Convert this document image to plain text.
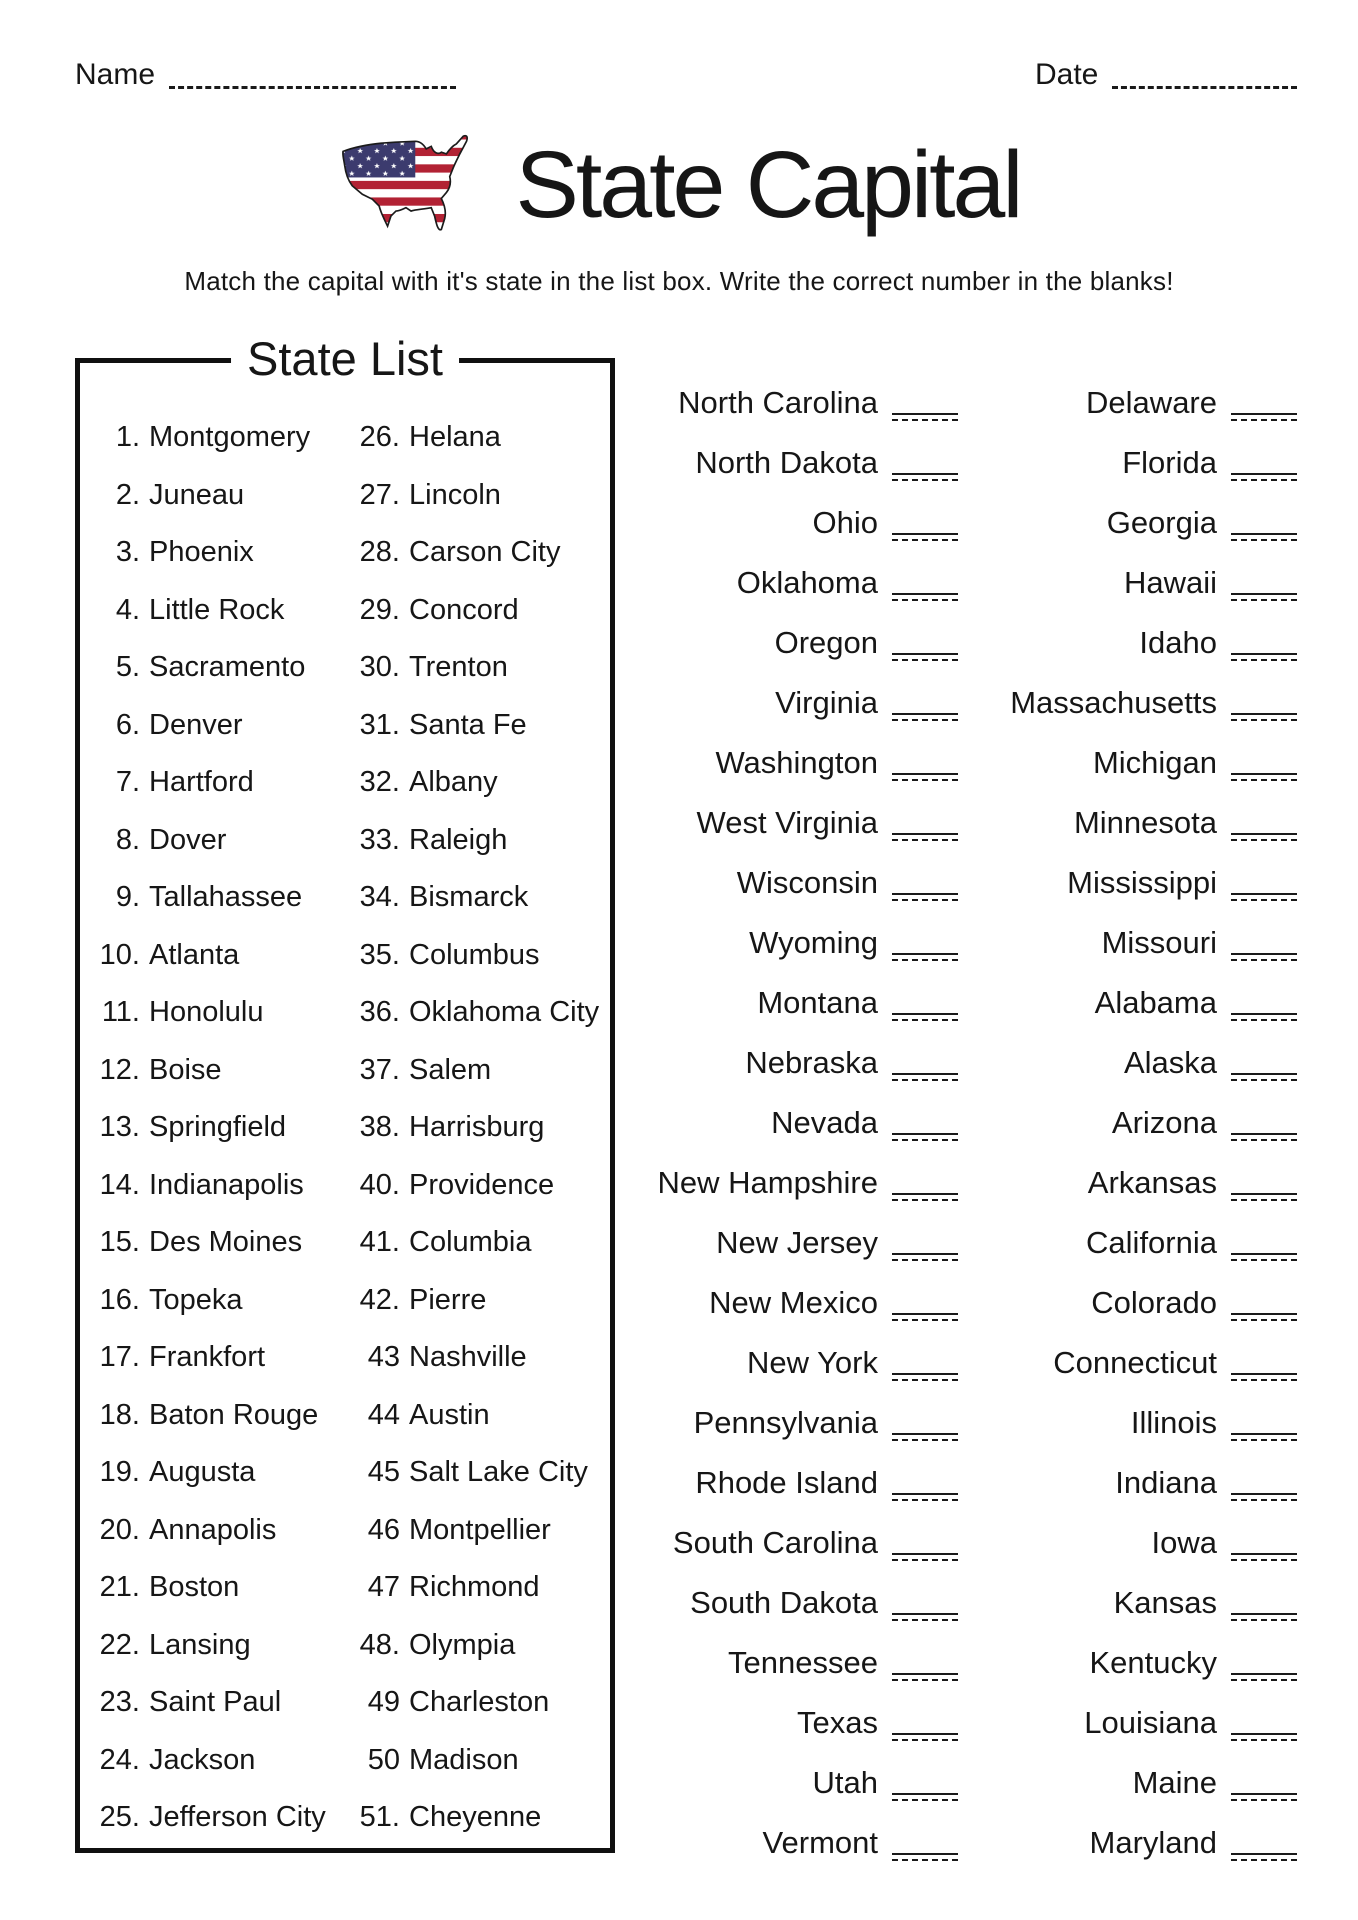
Name	Date
State Capital

Match the capital with it's state in the list box. Write the correct number in the blanks!

State List
1. Montgomery
2. Juneau
3. Phoenix
4. Little Rock
5. Sacramento
6. Denver
7. Hartford
8. Dover
9. Tallahassee
10. Atlanta
11. Honolulu
12. Boise
13. Springfield
14. Indianapolis
15. Des Moines
16. Topeka
17. Frankfort
18. Baton Rouge
19. Augusta
20. Annapolis
21. Boston
22. Lansing
23. Saint Paul
24. Jackson
25. Jefferson City
26. Helana
27. Lincoln
28. Carson City
29. Concord
30. Trenton
31. Santa Fe
32. Albany
33. Raleigh
34. Bismarck
35. Columbus
36. Oklahoma City
37. Salem
38. Harrisburg
40. Providence
41. Columbia
42. Pierre
43 Nashville
44 Austin
45 Salt Lake City
46 Montpellier
47 Richmond
48. Olympia
49 Charleston
50 Madison
51. Cheyenne
North Carolina
North Dakota
Ohio
Oklahoma
Oregon
Virginia
Washington
West Virginia
Wisconsin
Wyoming
Montana
Nebraska
Nevada
New Hampshire
New Jersey
New Mexico
New York
Pennsylvania
Rhode Island
South Carolina
South Dakota
Tennessee
Texas
Utah
Vermont
Delaware
Florida
Georgia
Hawaii
Idaho
Massachusetts
Michigan
Minnesota
Mississippi
Missouri
Alabama
Alaska
Arizona
Arkansas
California
Colorado
Connecticut
Illinois
Indiana
Iowa
Kansas
Kentucky
Louisiana
Maine
Maryland
